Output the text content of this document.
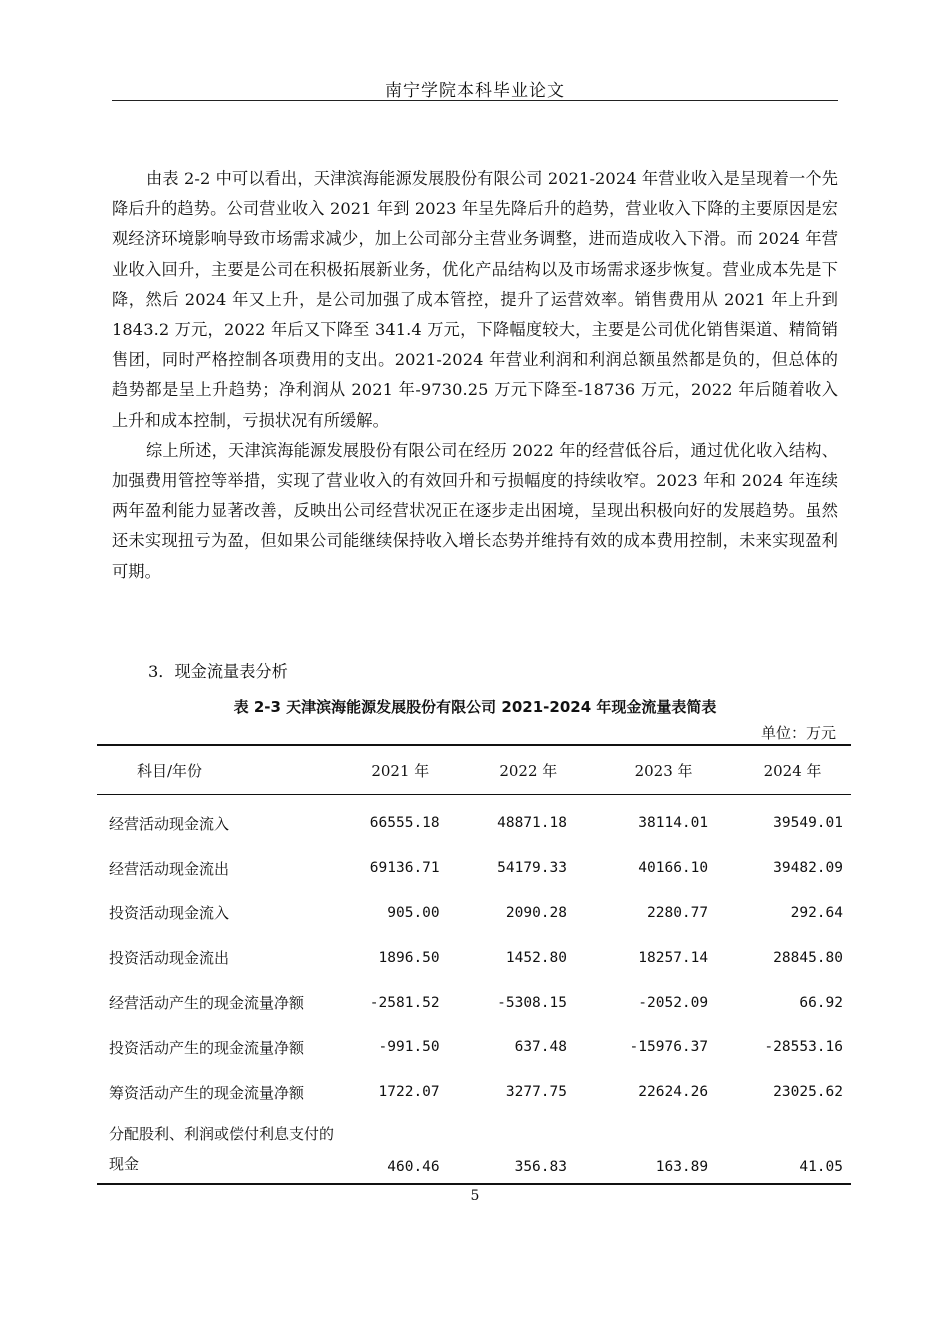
南宁学院本科毕业论文

由表 2-2 中可以看出，天津滨海能源发展股份有限公司 2021-2024 年营业收入是呈现着一个先降后升的趋势。公司营业收入 2021 年到 2023 年呈先降后升的趋势，营业收入下降的主要原因是宏观经济环境影响导致市场需求减少，加上公司部分主营业务调整，进而造成收入下滑。而 2024 年营业收入回升，主要是公司在积极拓展新业务，优化产品结构以及市场需求逐步恢复。营业成本先是下降，然后 2024 年又上升，是公司加强了成本管控，提升了运营效率。销售费用从 2021 年上升到 1843.2 万元，2022 年后又下降至 341.4 万元，下降幅度较大，主要是公司优化销售渠道、精简销售团，同时严格控制各项费用的支出。2021-2024 年营业利润和利润总额虽然都是负的，但总体的趋势都是呈上升趋势；净利润从 2021 年-9730.25 万元下降至-18736 万元，2022 年后随着收入上升和成本控制，亏损状况有所缓解。

综上所述，天津滨海能源发展股份有限公司在经历 2022 年的经营低谷后，通过优化收入结构、加强费用管控等举措，实现了营业收入的有效回升和亏损幅度的持续收窄。2023 年和 2024 年连续两年盈利能力显著改善，反映出公司经营状况正在逐步走出困境，呈现出积极向好的发展趋势。虽然还未实现扭亏为盈，但如果公司能继续保持收入增长态势并维持有效的成本费用控制，未来实现盈利可期。

3．现金流量表分析
表 2-3 天津滨海能源发展股份有限公司 2021-2024 年现金流量表简表
单位：万元
科目/年份	2021 年	2022 年	2023 年	2024 年
经营活动现金流入	66555.18	48871.18	38114.01	39549.01
经营活动现金流出	69136.71	54179.33	40166.10	39482.09
投资活动现金流入	905.00	2090.28	2280.77	292.64
投资活动现金流出	1896.50	1452.80	18257.14	28845.80
经营活动产生的现金流量净额	-2581.52	-5308.15	-2052.09	66.92
投资活动产生的现金流量净额	-991.50	637.48	-15976.37	-28553.16
筹资活动产生的现金流量净额	1722.07	3277.75	22624.26	23025.62
分配股利、利润或偿付利息支付的现金	460.46	356.83	163.89	41.05
5
